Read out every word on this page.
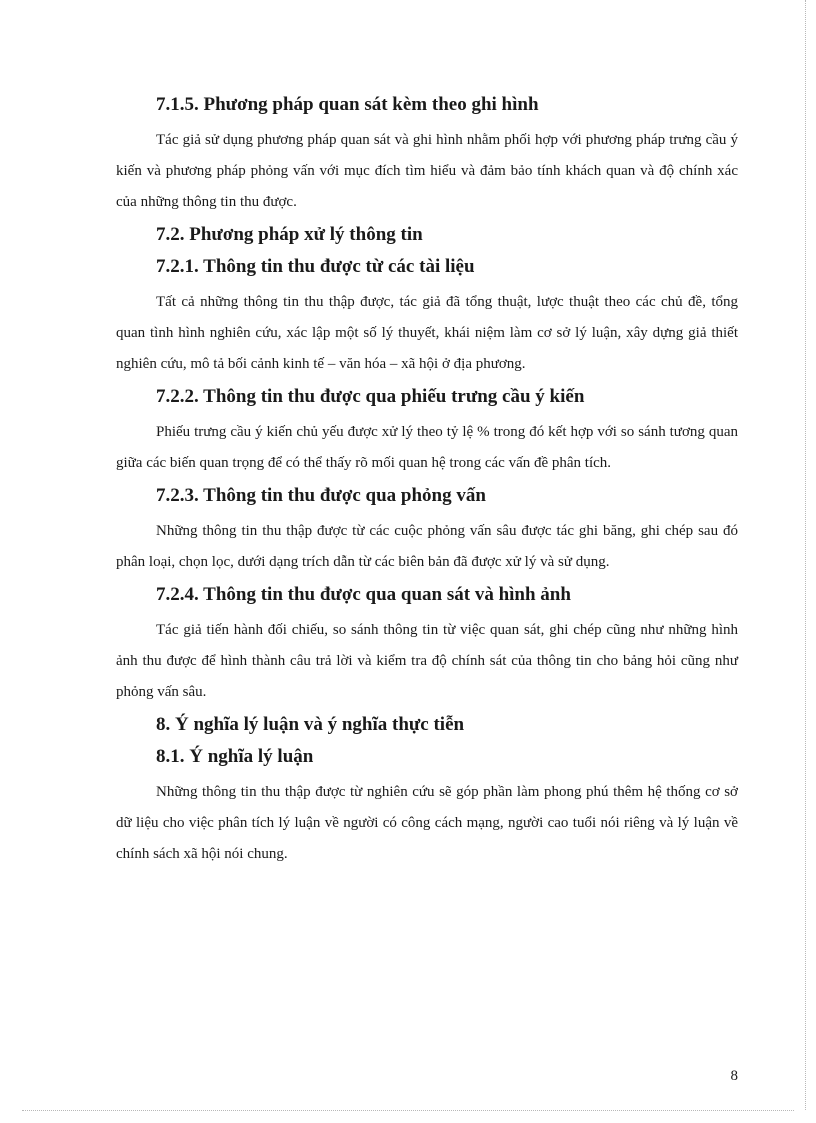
7.1.5. Phương pháp quan sát kèm theo ghi hình

Tác giả sử dụng phương pháp quan sát và ghi hình nhằm phối hợp với phương pháp trưng cầu ý kiến và phương pháp phỏng vấn với mục đích tìm hiểu và đảm bảo tính khách quan và độ chính xác của những thông tin thu được.

7.2. Phương pháp xử lý thông tin
7.2.1. Thông tin thu được từ các tài liệu

Tất cả những thông tin thu thập được, tác giả đã tổng thuật, lược thuật theo các chủ đề, tổng quan tình hình nghiên cứu, xác lập một số lý thuyết, khái niệm làm cơ sở lý luận, xây dựng giả thiết nghiên cứu, mô tả bối cảnh kinh tế – văn hóa – xã hội ở địa phương.

7.2.2. Thông tin thu được qua phiếu trưng cầu ý kiến

Phiếu trưng cầu ý kiến chủ yếu được xử lý theo tỷ lệ % trong đó kết hợp với so sánh tương quan giữa các biến quan trọng để có thể thấy rõ mối quan hệ trong các vấn đề phân tích.

7.2.3. Thông tin thu được qua phỏng vấn

Những thông tin thu thập được từ các cuộc phỏng vấn sâu được tác ghi băng, ghi chép sau đó phân loại, chọn lọc, dưới dạng trích dẫn từ các biên bản đã được xử lý và sử dụng.

7.2.4. Thông tin thu được qua quan sát và hình ảnh

Tác giả tiến hành đối chiếu, so sánh thông tin từ việc quan sát, ghi chép cũng như những hình ảnh thu được để hình thành câu trả lời và kiểm tra độ chính sát của thông tin cho bảng hỏi cũng như phỏng vấn sâu.

8. Ý nghĩa lý luận và ý nghĩa thực tiễn
8.1. Ý nghĩa lý luận

Những thông tin thu thập được từ nghiên cứu sẽ góp phần làm phong phú thêm hệ thống cơ sở dữ liệu cho việc phân tích lý luận về người có công cách mạng, người cao tuổi nói riêng và lý luận về chính sách xã hội nói chung.

8
